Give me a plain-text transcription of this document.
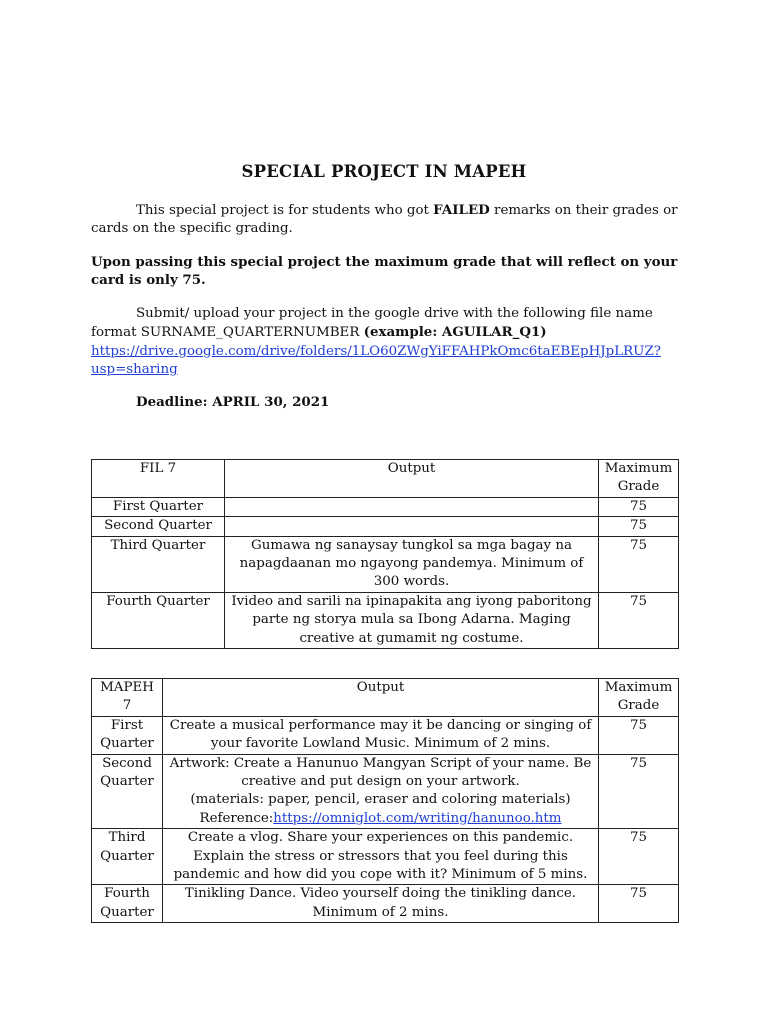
SPECIAL PROJECT IN MAPEH

This special project is for students who got FAILED remarks on their grades or cards on the specific grading.

Upon passing this special project the maximum grade that will reflect on your card is only 75.

Submit/ upload your project in the google drive with the following file name format SURNAME_QUARTERNUMBER (example: AGUILAR_Q1)
https://drive.google.com/drive/folders/1LO60ZWgYiFFAHPkOmc6taEBEpHJpLRUZ?usp=sharing

Deadline: APRIL 30, 2021
FIL 7	Output	Maximum Grade
First Quarter		75
Second Quarter		75
Third Quarter	Gumawa ng sanaysay tungkol sa mga bagay na napagdaanan mo ngayong pandemya. Minimum of 300 words.	75
Fourth Quarter	Ivideo and sarili na ipinapakita ang iyong paboritong parte ng storya mula sa Ibong Adarna. Maging creative at gumamit ng costume.	75
MAPEH 7	Output	Maximum Grade
First Quarter	Create a musical performance may it be dancing or singing of your favorite Lowland Music. Minimum of 2 mins.	75
Second Quarter	Artwork: Create a Hanunuo Mangyan Script of your name. Be creative and put design on your artwork.
(materials: paper, pencil, eraser and coloring materials)
Reference:https://omniglot.com/writing/hanunoo.htm	75
Third Quarter	Create a vlog. Share your experiences on this pandemic. Explain the stress or stressors that you feel during this pandemic and how did you cope with it? Minimum of 5 mins.	75
Fourth Quarter	Tinikling Dance. Video yourself doing the tinikling dance. Minimum of 2 mins.	75
